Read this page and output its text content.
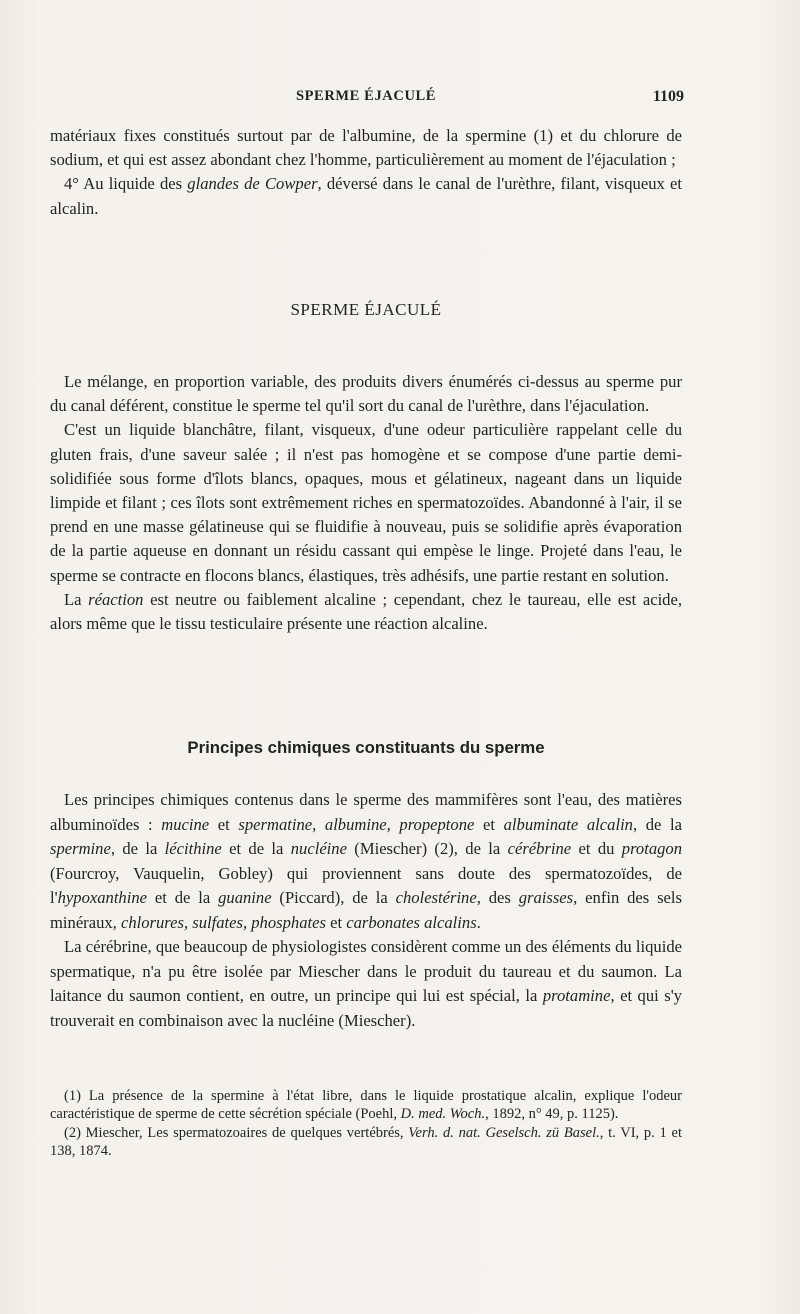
SPERME ÉJACULÉ	1109

matériaux fixes constitués surtout par de l'albumine, de la spermine (1) et du chlorure de sodium, et qui est assez abondant chez l'homme, particulièrement au moment de l'éjaculation ;

4° Au liquide des glandes de Cowper, déversé dans le canal de l'urèthre, filant, visqueux et alcalin.

SPERME ÉJACULÉ

Le mélange, en proportion variable, des produits divers énumérés ci-dessus au sperme pur du canal déférent, constitue le sperme tel qu'il sort du canal de l'urèthre, dans l'éjaculation.

C'est un liquide blanchâtre, filant, visqueux, d'une odeur particulière rappelant celle du gluten frais, d'une saveur salée ; il n'est pas homogène et se compose d'une partie demi-solidifiée sous forme d'îlots blancs, opaques, mous et gélatineux, nageant dans un liquide limpide et filant ; ces îlots sont extrêmement riches en spermatozoïdes. Abandonné à l'air, il se prend en une masse gélatineuse qui se fluidifie à nouveau, puis se solidifie après évaporation de la partie aqueuse en donnant un résidu cassant qui empèse le linge. Projeté dans l'eau, le sperme se contracte en flocons blancs, élastiques, très adhésifs, une partie restant en solution.

La réaction est neutre ou faiblement alcaline ; cependant, chez le taureau, elle est acide, alors même que le tissu testiculaire présente une réaction alcaline.

Principes chimiques constituants du sperme

Les principes chimiques contenus dans le sperme des mammifères sont l'eau, des matières albuminoïdes : mucine et spermatine, albumine, propeptone et albuminate alcalin, de la spermine, de la lécithine et de la nucléine (Miescher) (2), de la cérébrine et du protagon (Fourcroy, Vauquelin, Gobley) qui proviennent sans doute des spermatozoïdes, de l'hypoxanthine et de la guanine (Piccard), de la cholestérine, des graisses, enfin des sels minéraux, chlorures, sulfates, phosphates et carbonates alcalins.

La cérébrine, que beaucoup de physiologistes considèrent comme un des éléments du liquide spermatique, n'a pu être isolée par Miescher dans le produit du taureau et du saumon. La laitance du saumon contient, en outre, un principe qui lui est spécial, la protamine, et qui s'y trouverait en combinaison avec la nucléine (Miescher).

(1) La présence de la spermine à l'état libre, dans le liquide prostatique alcalin, explique l'odeur caractéristique de sperme de cette sécrétion spéciale (Poehl, D. med. Woch., 1892, n° 49, p. 1125).

(2) Miescher, Les spermatozoaires de quelques vertébrés, Verh. d. nat. Geselsch. zü Basel., t. VI, p. 1 et 138, 1874.
